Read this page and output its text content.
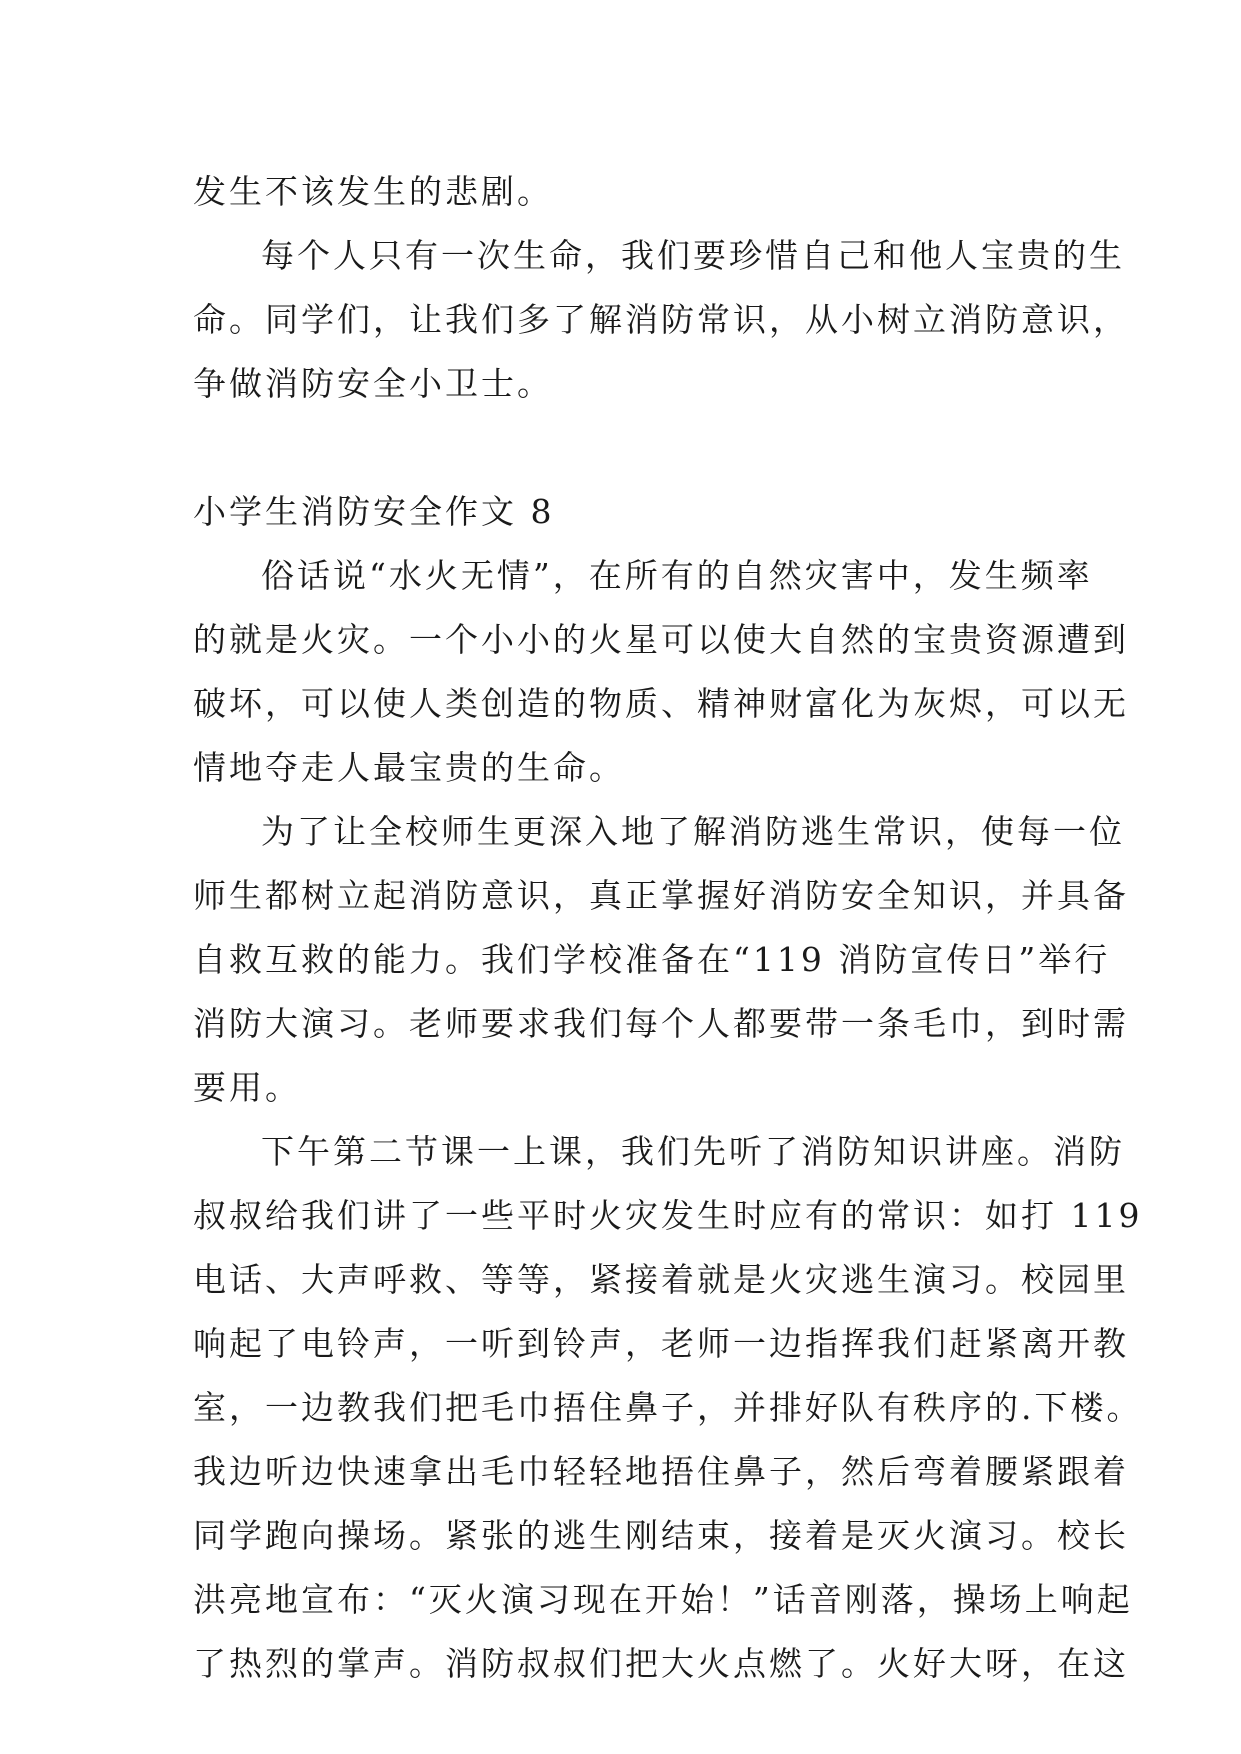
发生不该发生的悲剧。
每个人只有一次生命，我们要珍惜自己和他人宝贵的生
命。同学们，让我们多了解消防常识，从小树立消防意识，
争做消防安全小卫士。
小学生消防安全作文 8
俗话说“水火无情”，在所有的自然灾害中，发生频率
的就是火灾。一个小小的火星可以使大自然的宝贵资源遭到
破坏，可以使人类创造的物质、精神财富化为灰烬，可以无
情地夺走人最宝贵的生命。
为了让全校师生更深入地了解消防逃生常识，使每一位
师生都树立起消防意识，真正掌握好消防安全知识，并具备
自救互救的能力。我们学校准备在“119 消防宣传日”举行
消防大演习。老师要求我们每个人都要带一条毛巾，到时需
要用。
下午第二节课一上课，我们先听了消防知识讲座。消防
叔叔给我们讲了一些平时火灾发生时应有的常识：如打 119
电话、大声呼救、等等，紧接着就是火灾逃生演习。校园里
响起了电铃声，一听到铃声，老师一边指挥我们赶紧离开教
室，一边教我们把毛巾捂住鼻子，并排好队有秩序的.下楼。
我边听边快速拿出毛巾轻轻地捂住鼻子，然后弯着腰紧跟着
同学跑向操场。紧张的逃生刚结束，接着是灭火演习。校长
洪亮地宣布：“灭火演习现在开始！”话音刚落，操场上响起
了热烈的掌声。消防叔叔们把大火点燃了。火好大呀，在这
